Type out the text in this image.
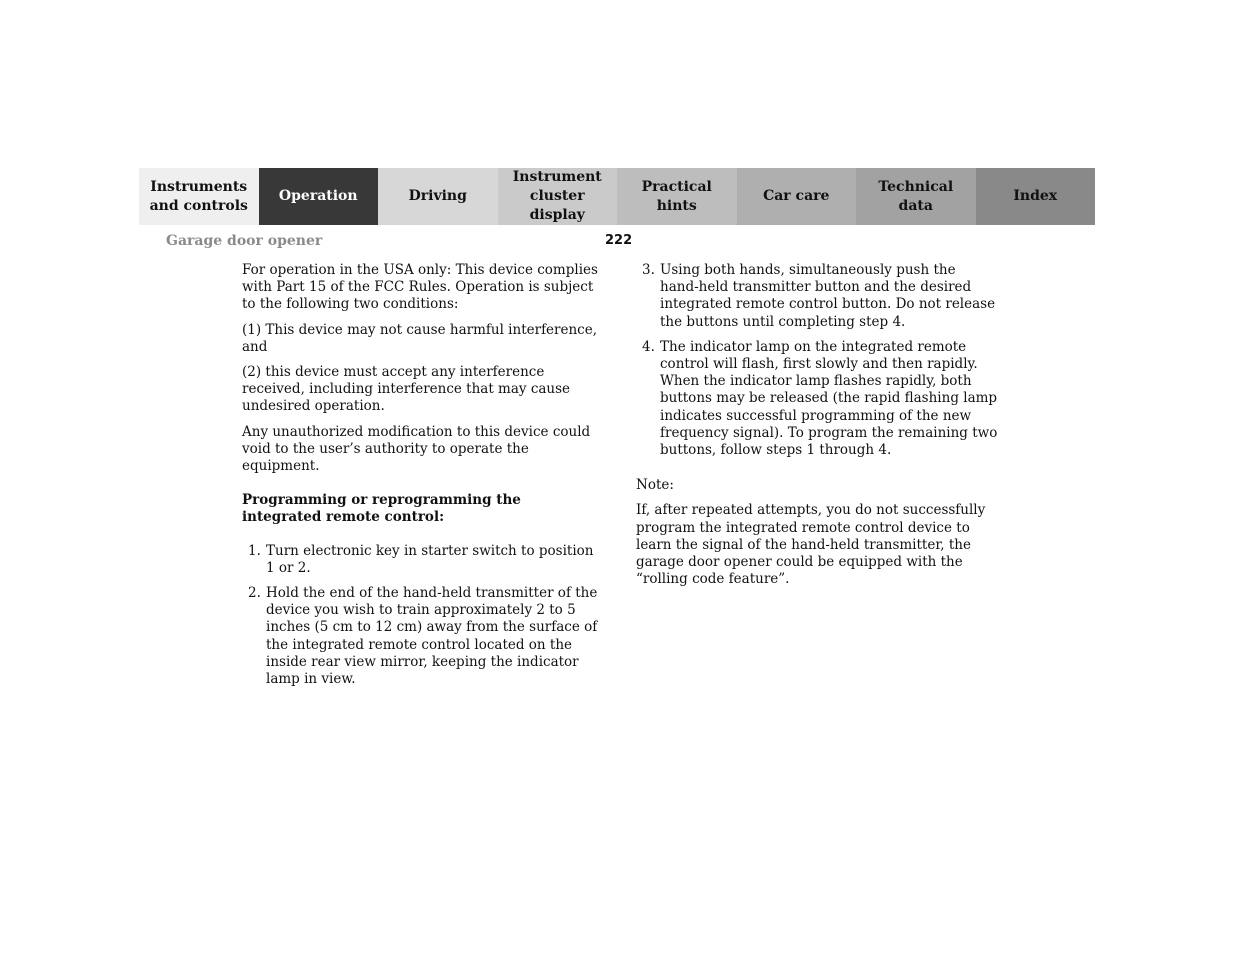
Instruments
and controls
Operation	Driving
Instrument
cluster display
Practical hints
Car care
Technical
data
Index
Garage door opener	222

For operation in the USA only: This device complies with Part 15 of the FCC Rules. Operation is subject to the following two conditions:

(1) This device may not cause harmful interference, and

(2) this device must accept any interference received, including interference that may cause undesired operation.

Any unauthorized modification to this device could void to the user’s authority to operate the equipment.

Programming or reprogramming the integrated remote control:
1. Turn electronic key in starter switch to position 1 or 2.
2. Hold the end of the hand-held transmitter of the device you wish to train approximately 2 to 5 inches (5 cm to 12 cm) away from the surface of the integrated remote control located on the inside rear view mirror, keeping the indicator lamp in view.
3. Using both hands, simultaneously push the hand-held transmitter button and the desired integrated remote control button. Do not release the buttons until completing step 4.
4. The indicator lamp on the integrated remote control will flash, first slowly and then rapidly. When the indicator lamp flashes rapidly, both buttons may be released (the rapid flashing lamp indicates successful programming of the new frequency signal). To program the remaining two buttons, follow steps 1 through 4.

Note:

If, after repeated attempts, you do not successfully program the integrated remote control device to learn the signal of the hand-held transmitter, the garage door opener could be equipped with the “rolling code feature”.
